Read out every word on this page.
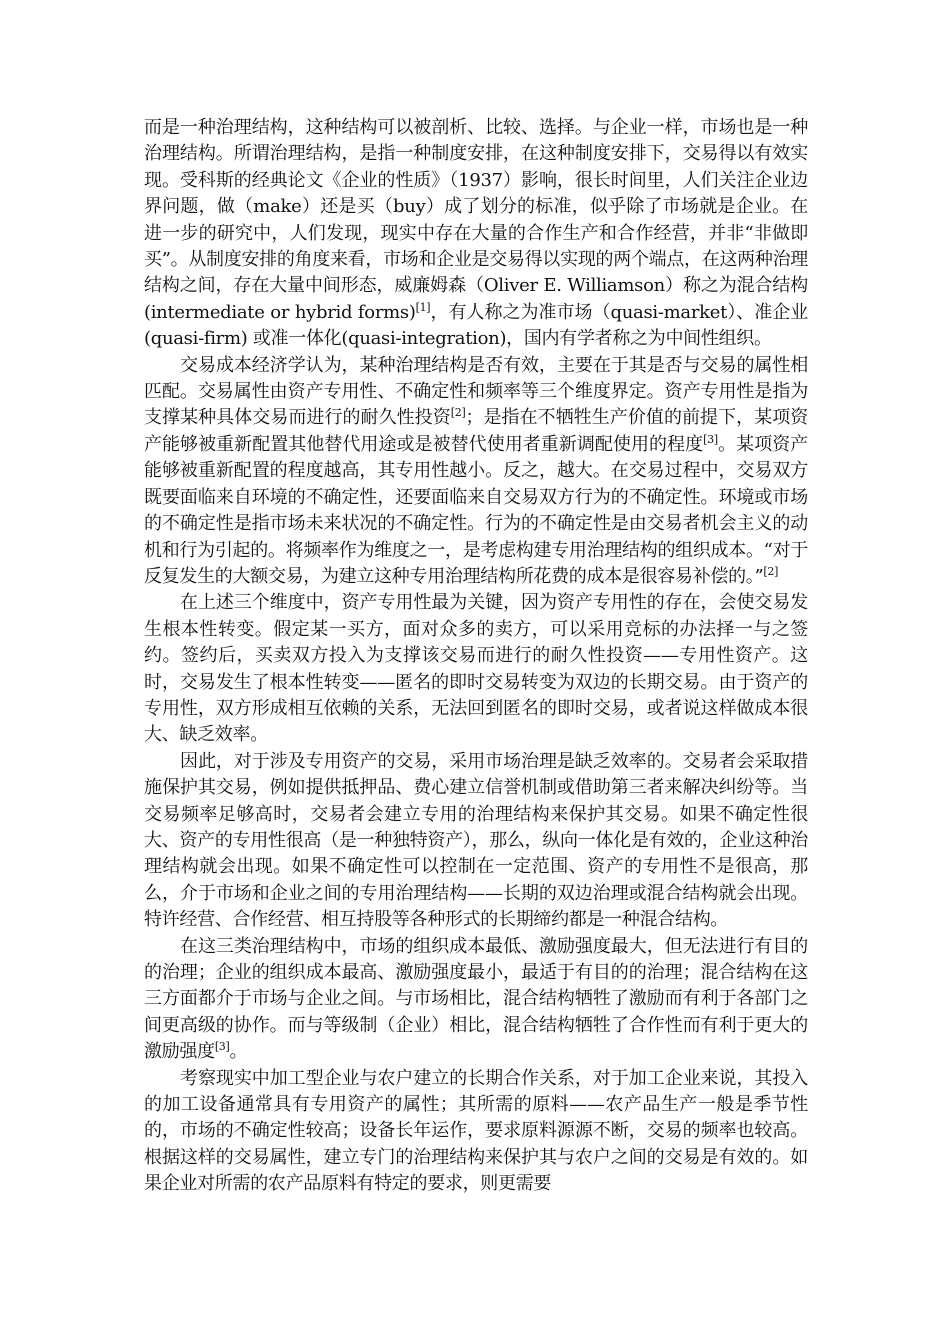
而是一种治理结构，这种结构可以被剖析、比较、选择。与企业一样，市场也是一种治理结构。所谓治理结构，是指一种制度安排，在这种制度安排下，交易得以有效实现。受科斯的经典论文《企业的性质》（1937）影响，很长时间里，人们关注企业边界问题，做（make）还是买（buy）成了划分的标准，似乎除了市场就是企业。在进一步的研究中，人们发现，现实中存在大量的合作生产和合作经营，并非“非做即买”。从制度安排的角度来看，市场和企业是交易得以实现的两个端点，在这两种治理结构之间，存在大量中间形态，威廉姆森（Oliver E. Williamson）称之为混合结构(intermediate or hybrid forms)[1]，有人称之为准市场（quasi-market）、准企业(quasi-firm) 或准一体化(quasi-integration)，国内有学者称之为中间性组织。

交易成本经济学认为，某种治理结构是否有效，主要在于其是否与交易的属性相匹配。交易属性由资产专用性、不确定性和频率等三个维度界定。资产专用性是指为支撑某种具体交易而进行的耐久性投资[2]；是指在不牺牲生产价值的前提下，某项资产能够被重新配置其他替代用途或是被替代使用者重新调配使用的程度[3]。某项资产能够被重新配置的程度越高，其专用性越小。反之，越大。在交易过程中，交易双方既要面临来自环境的不确定性，还要面临来自交易双方行为的不确定性。环境或市场的不确定性是指市场未来状况的不确定性。行为的不确定性是由交易者机会主义的动机和行为引起的。将频率作为维度之一，是考虑构建专用治理结构的组织成本。“对于反复发生的大额交易，为建立这种专用治理结构所花费的成本是很容易补偿的。”[2]

在上述三个维度中，资产专用性最为关键，因为资产专用性的存在，会使交易发生根本性转变。假定某一买方，面对众多的卖方，可以采用竞标的办法择一与之签约。签约后，买卖双方投入为支撑该交易而进行的耐久性投资——专用性资产。这时，交易发生了根本性转变——匿名的即时交易转变为双边的长期交易。由于资产的专用性，双方形成相互依赖的关系，无法回到匿名的即时交易，或者说这样做成本很大、缺乏效率。

因此，对于涉及专用资产的交易，采用市场治理是缺乏效率的。交易者会采取措施保护其交易，例如提供抵押品、费心建立信誉机制或借助第三者来解决纠纷等。当交易频率足够高时，交易者会建立专用的治理结构来保护其交易。如果不确定性很大、资产的专用性很高（是一种独特资产），那么，纵向一体化是有效的，企业这种治理结构就会出现。如果不确定性可以控制在一定范围、资产的专用性不是很高，那么，介于市场和企业之间的专用治理结构——长期的双边治理或混合结构就会出现。特许经营、合作经营、相互持股等各种形式的长期缔约都是一种混合结构。

在这三类治理结构中，市场的组织成本最低、激励强度最大，但无法进行有目的的治理；企业的组织成本最高、激励强度最小，最适于有目的的治理；混合结构在这三方面都介于市场与企业之间。与市场相比，混合结构牺牲了激励而有利于各部门之间更高级的协作。而与等级制（企业）相比，混合结构牺牲了合作性而有利于更大的激励强度[3]。

考察现实中加工型企业与农户建立的长期合作关系，对于加工企业来说，其投入的加工设备通常具有专用资产的属性；其所需的原料——农产品生产一般是季节性的，市场的不确定性较高；设备长年运作，要求原料源源不断，交易的频率也较高。根据这样的交易属性，建立专门的治理结构来保护其与农户之间的交易是有效的。如果企业对所需的农产品原料有特定的要求，则更需要
